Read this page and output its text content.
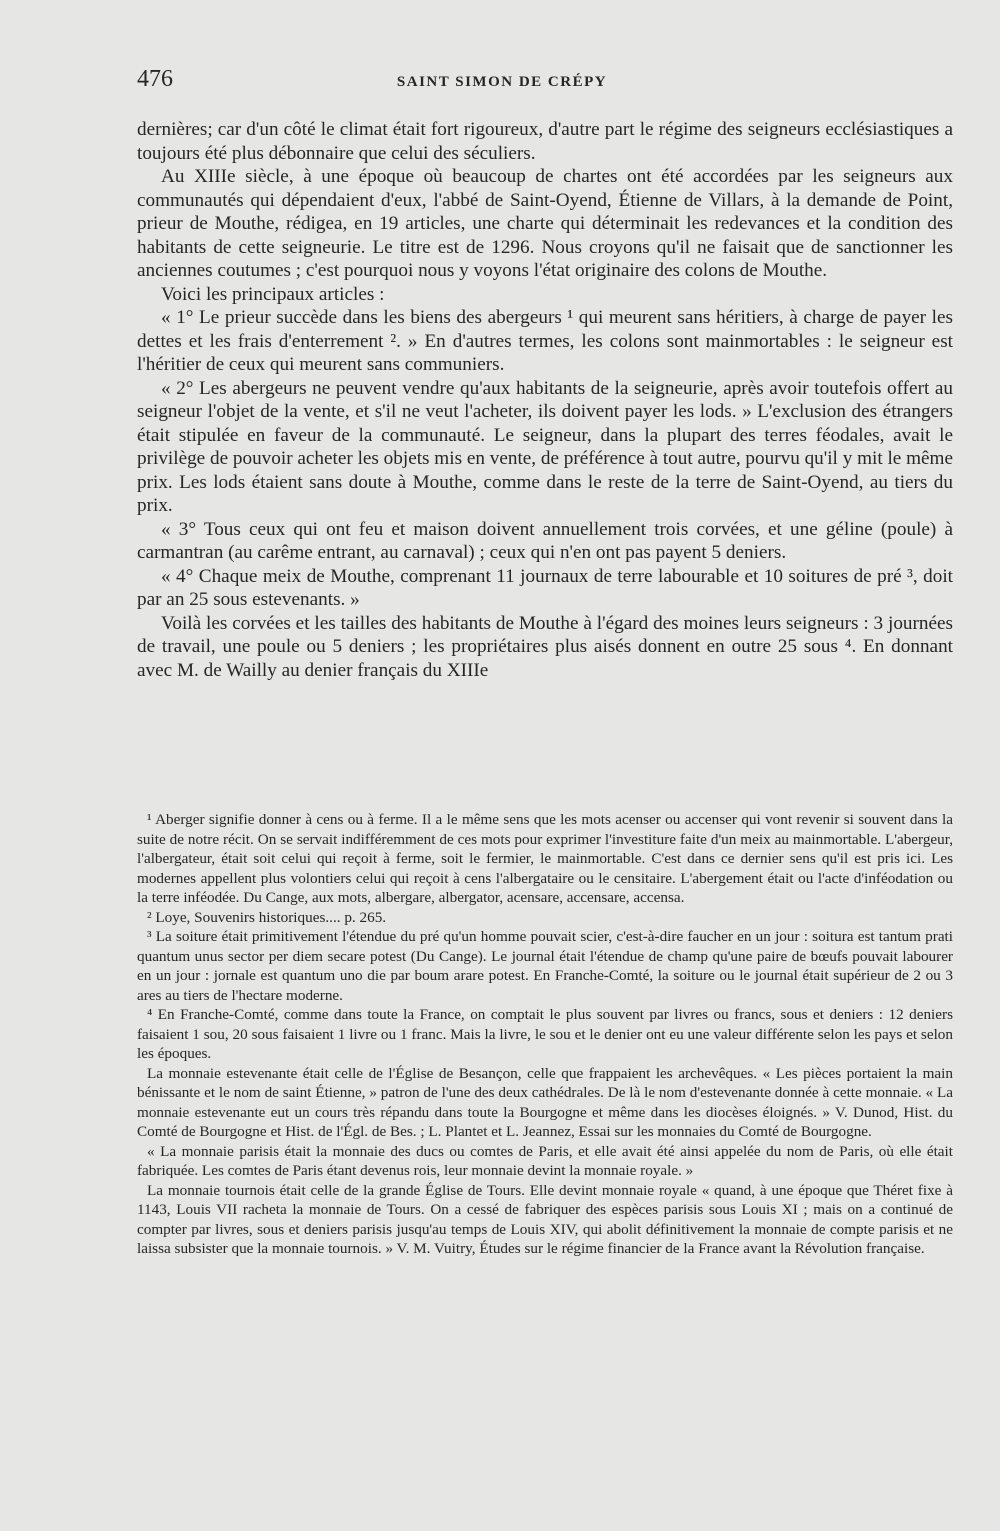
476	SAINT SIMON DE CRÉPY

dernières; car d'un côté le climat était fort rigoureux, d'autre part le régime des seigneurs ecclésiastiques a toujours été plus débonnaire que celui des séculiers.

Au XIIIe siècle, à une époque où beaucoup de chartes ont été accordées par les seigneurs aux communautés qui dépendaient d'eux, l'abbé de Saint-Oyend, Étienne de Villars, à la demande de Point, prieur de Mouthe, rédigea, en 19 articles, une charte qui déterminait les redevances et la condition des habitants de cette seigneurie. Le titre est de 1296. Nous croyons qu'il ne faisait que de sanctionner les anciennes coutumes ; c'est pourquoi nous y voyons l'état originaire des colons de Mouthe.

Voici les principaux articles :

« 1° Le prieur succède dans les biens des abergeurs ¹ qui meurent sans héritiers, à charge de payer les dettes et les frais d'enterrement ². » En d'autres termes, les colons sont mainmortables : le seigneur est l'héritier de ceux qui meurent sans communiers.

« 2° Les abergeurs ne peuvent vendre qu'aux habitants de la seigneurie, après avoir toutefois offert au seigneur l'objet de la vente, et s'il ne veut l'acheter, ils doivent payer les lods. » L'exclusion des étrangers était stipulée en faveur de la communauté. Le seigneur, dans la plupart des terres féodales, avait le privilège de pouvoir acheter les objets mis en vente, de préférence à tout autre, pourvu qu'il y mit le même prix. Les lods étaient sans doute à Mouthe, comme dans le reste de la terre de Saint-Oyend, au tiers du prix.

« 3° Tous ceux qui ont feu et maison doivent annuellement trois corvées, et une géline (poule) à carmantran (au carême entrant, au carnaval) ; ceux qui n'en ont pas payent 5 deniers.

« 4° Chaque meix de Mouthe, comprenant 11 journaux de terre labourable et 10 soitures de pré ³, doit par an 25 sous estevenants. »

Voilà les corvées et les tailles des habitants de Mouthe à l'égard des moines leurs seigneurs : 3 journées de travail, une poule ou 5 deniers ; les propriétaires plus aisés donnent en outre 25 sous ⁴. En donnant avec M. de Wailly au denier français du XIIIe

¹ Aberger signifie donner à cens ou à ferme. Il a le même sens que les mots acenser ou accenser qui vont revenir si souvent dans la suite de notre récit. On se servait indifféremment de ces mots pour exprimer l'investiture faite d'un meix au mainmortable. L'abergeur, l'albergateur, était soit celui qui reçoit à ferme, soit le fermier, le mainmortable. C'est dans ce dernier sens qu'il est pris ici. Les modernes appellent plus volontiers celui qui reçoit à cens l'albergataire ou le censitaire. L'abergement était ou l'acte d'inféodation ou la terre inféodée. Du Cange, aux mots, albergare, albergator, acensare, accensare, accensa.

² Loye, Souvenirs historiques.... p. 265.

³ La soiture était primitivement l'étendue du pré qu'un homme pouvait scier, c'est-à-dire faucher en un jour : soitura est tantum prati quantum unus sector per diem secare potest (Du Cange). Le journal était l'étendue de champ qu'une paire de bœufs pouvait labourer en un jour : jornale est quantum uno die par boum arare potest. En Franche-Comté, la soiture ou le journal était supérieur de 2 ou 3 ares au tiers de l'hectare moderne.

⁴ En Franche-Comté, comme dans toute la France, on comptait le plus souvent par livres ou francs, sous et deniers : 12 deniers faisaient 1 sou, 20 sous faisaient 1 livre ou 1 franc. Mais la livre, le sou et le denier ont eu une valeur différente selon les pays et selon les époques.

La monnaie estevenante était celle de l'Église de Besançon, celle que frappaient les archevêques. « Les pièces portaient la main bénissante et le nom de saint Étienne, » patron de l'une des deux cathédrales. De là le nom d'estevenante donnée à cette monnaie. « La monnaie estevenante eut un cours très répandu dans toute la Bourgogne et même dans les diocèses éloignés. » V. Dunod, Hist. du Comté de Bourgogne et Hist. de l'Égl. de Bes. ; L. Plantet et L. Jeannez, Essai sur les monnaies du Comté de Bourgogne.

« La monnaie parisis était la monnaie des ducs ou comtes de Paris, et elle avait été ainsi appelée du nom de Paris, où elle était fabriquée. Les comtes de Paris étant devenus rois, leur monnaie devint la monnaie royale. »

La monnaie tournois était celle de la grande Église de Tours. Elle devint monnaie royale « quand, à une époque que Théret fixe à 1143, Louis VII racheta la monnaie de Tours. On a cessé de fabriquer des espèces parisis sous Louis XI ; mais on a continué de compter par livres, sous et deniers parisis jusqu'au temps de Louis XIV, qui abolit définitivement la monnaie de compte parisis et ne laissa subsister que la monnaie tournois. » V. M. Vuitry, Études sur le régime financier de la France avant la Révolution française.
